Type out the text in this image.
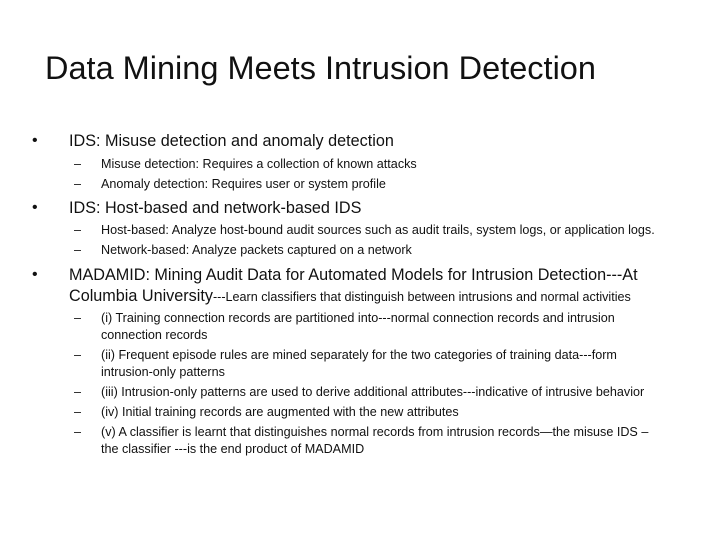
Data Mining Meets Intrusion Detection
• IDS: Misuse detection and anomaly detection
– Misuse detection: Requires a collection of known attacks
– Anomaly detection: Requires user or system profile
• IDS: Host-based and network-based IDS
– Host-based: Analyze host-bound audit sources such as audit trails, system logs, or application logs.
– Network-based: Analyze packets captured on a network
• MADAMID: Mining Audit Data for Automated Models for Intrusion Detection---At
Columbia University---Learn classifiers that distinguish between intrusions and normal activities
– (i) Training connection records are partitioned into---normal connection records and intrusion
connection records
– (ii) Frequent episode rules are mined separately for the two categories of training data---form
intrusion-only patterns
– (iii) Intrusion-only patterns are used to derive additional attributes---indicative of intrusive behavior
– (iv) Initial training records are augmented with the new attributes
– (v) A classifier is learnt that distinguishes normal records from intrusion records—the misuse IDS –
the classifier ---is the end product of MADAMID
